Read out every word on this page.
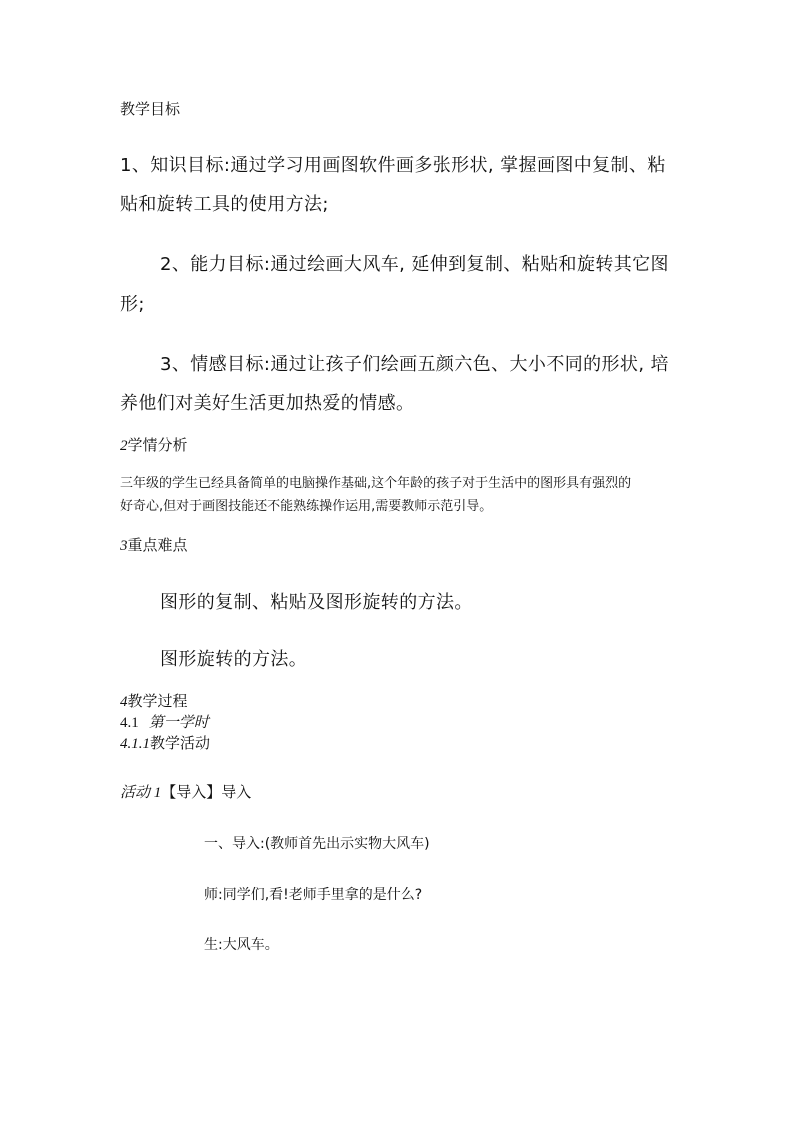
教学目标

1、知识目标:通过学习用画图软件画多张形状, 掌握画图中复制、粘

贴和旋转工具的使用方法;

2、能力目标:通过绘画大风车, 延伸到复制、粘贴和旋转其它图

形;

3、情感目标:通过让孩子们绘画五颜六色、大小不同的形状, 培

养他们对美好生活更加热爱的情感。

2学情分析

三年级的学生已经具备简单的电脑操作基础,这个年龄的孩子对于生活中的图形具有强烈的

好奇心,但对于画图技能还不能熟练操作运用,需要教师示范引导。

3重点难点

图形的复制、粘贴及图形旋转的方法。

图形旋转的方法。

4教学过程

4.1 第一学时

4.1.1教学活动

活动 1【导入】导入

一、导入:(教师首先出示实物大风车)

师:同学们,看!老师手里拿的是什么?

生:大风车。
